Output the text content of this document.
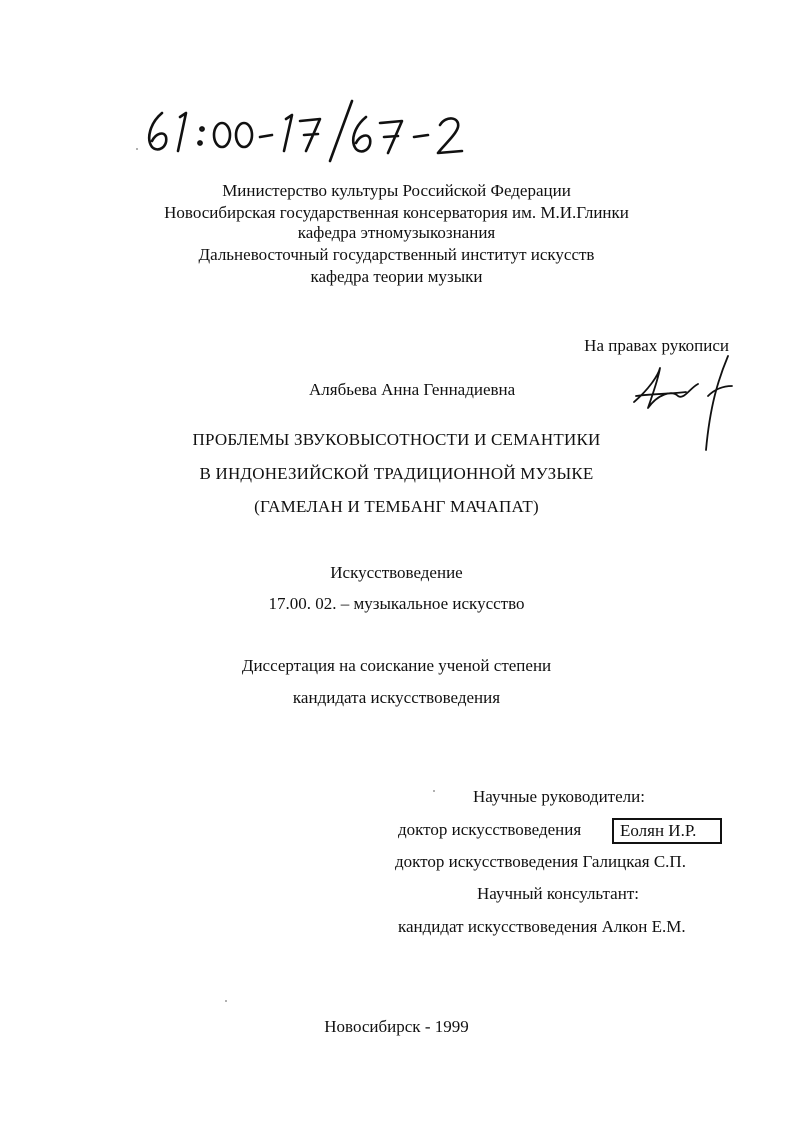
Министерство культуры Российской Федерации
Новосибирская государственная консерватория им. М.И.Глинки
кафедра этномузыкознания
Дальневосточный государственный институт искусств
кафедра теории музыки
На правах рукописи
Алябьева Анна Геннадиевна
ПРОБЛЕМЫ ЗВУКОВЫСОТНОСТИ И СЕМАНТИКИ
В ИНДОНЕЗИЙСКОЙ ТРАДИЦИОННОЙ МУЗЫКЕ
(ГАМЕЛАН И ТЕМБАНГ МАЧАПАТ)
Искусствоведение
17.00. 02. – музыкальное искусство
Диссертация на соискание ученой степени
кандидата искусствоведения
Научные руководители:
доктор искусствоведения	Еолян И.Р.
доктор искусствоведения Галицкая С.П.
Научный консультант:
кандидат искусствоведения Алкон Е.М.
Новосибирск - 1999
